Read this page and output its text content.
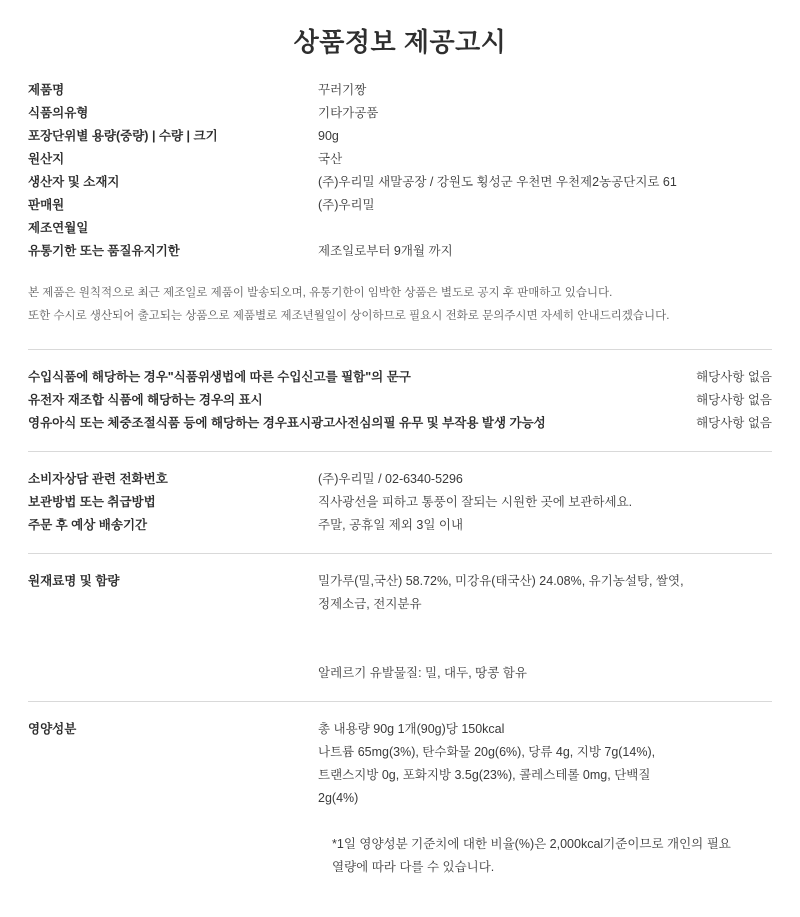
상품정보 제공고시
제품명	꾸러기짱
식품의유형	기타가공품
포장단위별 용량(중량) | 수량 | 크기	90g
원산지	국산
생산자 및 소재지	(주)우리밀 새말공장 / 강원도 횡성군 우천면 우천제2농공단지로 61
판매원	(주)우리밀
제조연월일	
유통기한 또는 품질유지기한	제조일로부터 9개월 까지

본 제품은 원칙적으로 최근 제조일로 제품이 발송되오며, 유통기한이 임박한 상품은 별도로 공지 후 판매하고 있습니다.

또한 수시로 생산되어 출고되는 상품으로 제품별로 제조년월일이 상이하므로 필요시 전화로 문의주시면 자세히 안내드리겠습니다.

수입식품에 해당하는 경우"식품위생법에 따른 수입신고를 필함"의 문구	해당사항 없음
유전자 재조합 식품에 해당하는 경우의 표시	해당사항 없음
영유아식 또는 체중조절식품 등에 해당하는 경우표시광고사전심의필 유무 및 부작용 발생 가능성	해당사항 없음
소비자상담 관련 전화번호	(주)우리밀 / 02-6340-5296
보관방법 또는 취급방법	직사광선을 피하고 통풍이 잘되는 시원한 곳에 보관하세요.
주문 후 예상 배송기간	주말, 공휴일 제외 3일 이내
원재료명 및 함량	밀가루(밀,국산) 58.72%, 미강유(태국산) 24.08%, 유기농설탕, 쌀엿,
정제소금, 전지분유
알레르기 유발물질: 밀, 대두, 땅콩 함유
영양성분	총 내용량 90g 1개(90g)당 150kcal
나트륨 65mg(3%), 탄수화물 20g(6%), 당류 4g, 지방 7g(14%),
트랜스지방 0g, 포화지방 3.5g(23%), 콜레스테롤 0mg, 단백질
2g(4%)
*1일 영양성분 기준치에 대한 비율(%)은 2,000kcal기준이므로 개인의 필요
열량에 따라 다를 수 있습니다.
